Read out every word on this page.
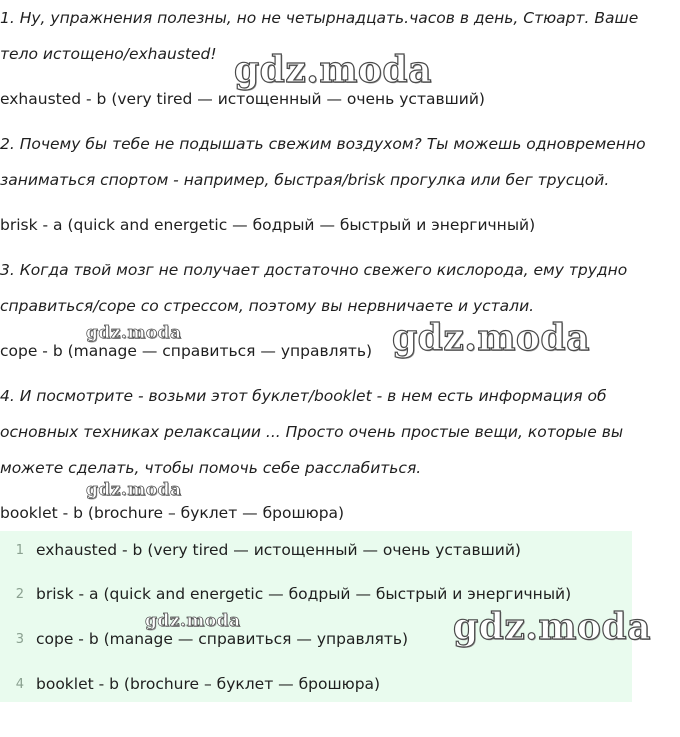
1. Ну, упражнения полезны, но не четырнадцать.часов в день, Стюарт. Ваше тело истощено/exhausted!

exhausted - b (very tired — истощенный — очень уставший)

2. Почему бы тебе не подышать свежим воздухом? Ты можешь одновременно заниматься спортом - например, быстрая/brisk прогулка или бег трусцой.

brisk - a (quick and energetic — бодрый — быстрый и энергичный)

3. Когда твой мозг не получает достаточно свежего кислорода, ему трудно справиться/cope со стрессом, поэтому вы нервничаете и устали.

cope - b (manage — справиться — управлять)

4. И посмотрите - возьми этот буклет/booklet - в нем есть информация об основных техниках релаксации ... Просто очень простые вещи, которые вы можете сделать, чтобы помочь себе расслабиться.

booklet - b (brochure – буклет — брошюра)

1 exhausted - b (very tired — истощенный — очень уставший)
2 brisk - a (quick and energetic — бодрый — быстрый и энергичный)
3 cope - b (manage — справиться — управлять)
4 booklet - b (brochure – буклет — брошюра)
gdz.moda
gdz.moda	gdz.moda
gdz.moda
gdz.moda	gdz.moda
